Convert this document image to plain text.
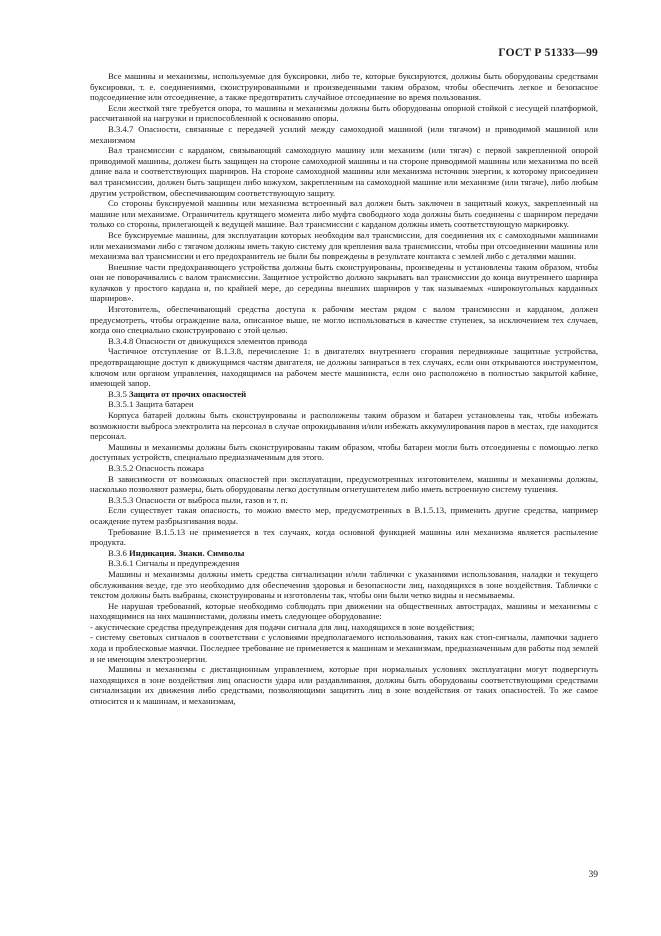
ГОСТ Р 51333—99

Все машины и механизмы, используемые для буксировки, либо те, которые буксируются, должны быть оборудованы средствами буксировки, т. е. соединениями, сконструированными и произведенными таким образом, чтобы обеспечить легкое и безопасное подсоединение или отсоединение, а также предотвратить случайное отсоединение во время пользования.

Если жесткой тяге требуется опора, то машины и механизмы должны быть оборудованы опорной стойкой с несущей платформой, рассчитанной на нагрузки и приспособленной к основанию опоры.

В.3.4.7 Опасности, связанные с передачей усилий между самоходной машиной (или тягачом) и приводимой машиной или механизмом

Вал трансмиссии с карданом, связывающий самоходную машину или механизм (или тягач) с первой закрепленной опорой приводимой машины, должен быть защищен на стороне самоходной машины и на стороне приводимой машины или механизма по всей длине вала и соответствующих шарниров. На стороне самоходной машины или механизма источник энергии, к которому присоединен вал трансмиссии, должен быть защищен либо кожухом, закрепленным на самоходной машине или механизме (или тягаче), либо любым другим устройством, обеспечивающим соответствующую защиту.

Со стороны буксируемой машины или механизма встроенный вал должен быть заключен в защитный кожух, закрепленный на машине или механизме. Ограничитель крутящего момента либо муфта свободного хода должны быть соединены с шарниром передачи только со стороны, прилегающей к ведущей машине. Вал трансмиссии с карданом должны иметь соответствующую маркировку.

Все буксируемые машины, для эксплуатации которых необходим вал трансмиссии, для соединения их с самоходными машинами или механизмами либо с тягачом должны иметь такую систему для крепления вала трансмиссии, чтобы при отсоединении машины или механизма вал трансмиссии и его предохранитель не были бы повреждены в результате контакта с землей либо с деталями машин.

Внешние части предохраняющего устройства должны быть сконструированы, произведены и установлены таким образом, чтобы они не поворачивались с валом трансмиссии. Защитное устройство должно закрывать вал трансмиссии до конца внутреннего шарнира кулачков у простого кардана и, по крайней мере, до середины внешних шарниров у так называемых «широкоугольных карданных шарниров».

Изготовитель, обеспечивающий средства доступа к рабочим местам рядом с валом трансмиссии и карданом, должен предусмотреть, чтобы ограждение вала, описанное выше, не могло использоваться в качестве ступенек, за исключением тех случаев, когда оно специально сконструировано с этой целью.

В.3.4.8 Опасности от движущихся элементов привода

Частичное отступление от В.1.3.8, перечисление 1: в двигателях внутреннего сгорания передвижные защитные устройства, предотвращающие доступ к движущимся частям двигателя, не должны запираться в тех случаях, если они открываются инструментом, ключом или органом управления, находящимся на рабочем месте машиниста, если оно расположено в полностью закрытой кабине, имеющей запор.

В.3.5 Защита от прочих опасностей

В.3.5.1 Защита батареи

Корпуса батарей должны быть сконструированы и расположены таким образом и батареи установлены так, чтобы избежать возможности выброса электролита на персонал в случае опрокидывания и/или избежать аккумулирования паров в местах, где находится персонал.

Машины и механизмы должны быть сконструированы таким образом, чтобы батареи могли быть отсоединены с помощью легко доступных устройств, специально предназначенным для этого.

В.3.5.2 Опасность пожара

В зависимости от возможных опасностей при эксплуатации, предусмотренных изготовителем, машины и механизмы должны, насколько позволяют размеры, быть оборудованы легко доступным огнетушителем либо иметь встроенную систему тушения.

В.3.5.3 Опасности от выброса пыли, газов и т. п.

Если существует такая опасность, то можно вместо мер, предусмотренных в В.1.5.13, применить другие средства, например осаждение путем разбрызгивания воды.

Требование В.1.5.13 не применяется в тех случаях, когда основной функцией машины или механизма является распыление продукта.

В.3.6 Индикация. Знаки. Символы

В.3.6.1 Сигналы и предупреждения

Машины и механизмы должны иметь средства сигнализации и/или таблички с указаниями использования, наладки и текущего обслуживания везде, где это необходимо для обеспечения здоровья и безопасности лиц, находящихся в зоне воздействия. Таблички с текстом должны быть выбраны, сконструированы и изготовлены так, чтобы они были четко видны и несмываемы.

Не нарушая требований, которые необходимо соблюдать при движении на общественных автострадах, машины и механизмы с находящимися на них машинистами, должны иметь следующее оборудование:

- акустические средства предупреждения для подачи сигнала для лиц, находящихся в зоне воздействия;

- систему световых сигналов в соответствии с условиями предполагаемого использования, таких как стоп-сигналы, лампочки заднего хода и проблесковые маячки. Последнее требование не применяется к машинам и механизмам, предназначенным для работы под землей и не имеющим электроэнергии.

Машины и механизмы с дистанционным управлением, которые при нормальных условиях эксплуатации могут подвергнуть находящихся в зоне воздействия лиц опасности удара или раздавливания, должны быть оборудованы соответствующими средствами сигнализации их движения либо средствами, позволяющими защитить лиц в зоне воздействия от таких опасностей. То же самое относится и к машинам, и механизмам,

39
